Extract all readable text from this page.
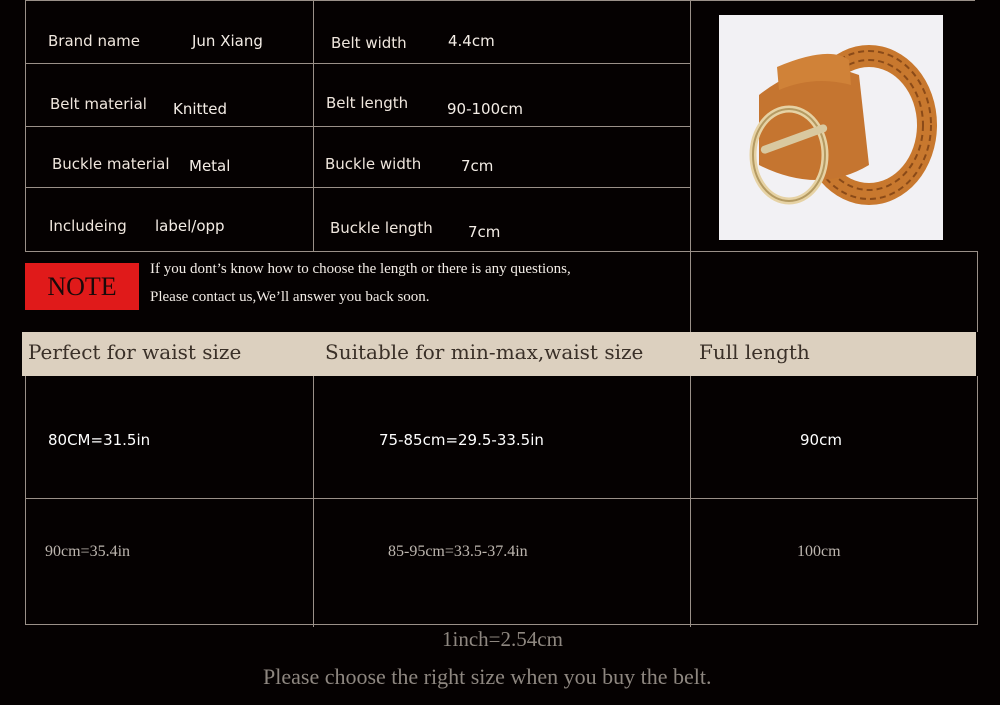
Brand name	Jun Xiang	Belt width	4.4cm
Belt material Knitted	Belt length	90-100cm
Buckle material Metal	Buckle width	7cm
Includeing label/opp	Buckle length 7cm
NOTE
If you dont’s know how to choose the length or there is any questions,
Please contact us,We’ll answer you back soon.
Perfect for waist size	Suitable for min-max,waist size	Full length
80CM=31.5in	75-85cm=29.5-33.5in	90cm
90cm=35.4in	85-95cm=33.5-37.4in	100cm
1inch=2.54cm
Please choose the right size when you buy the belt.
